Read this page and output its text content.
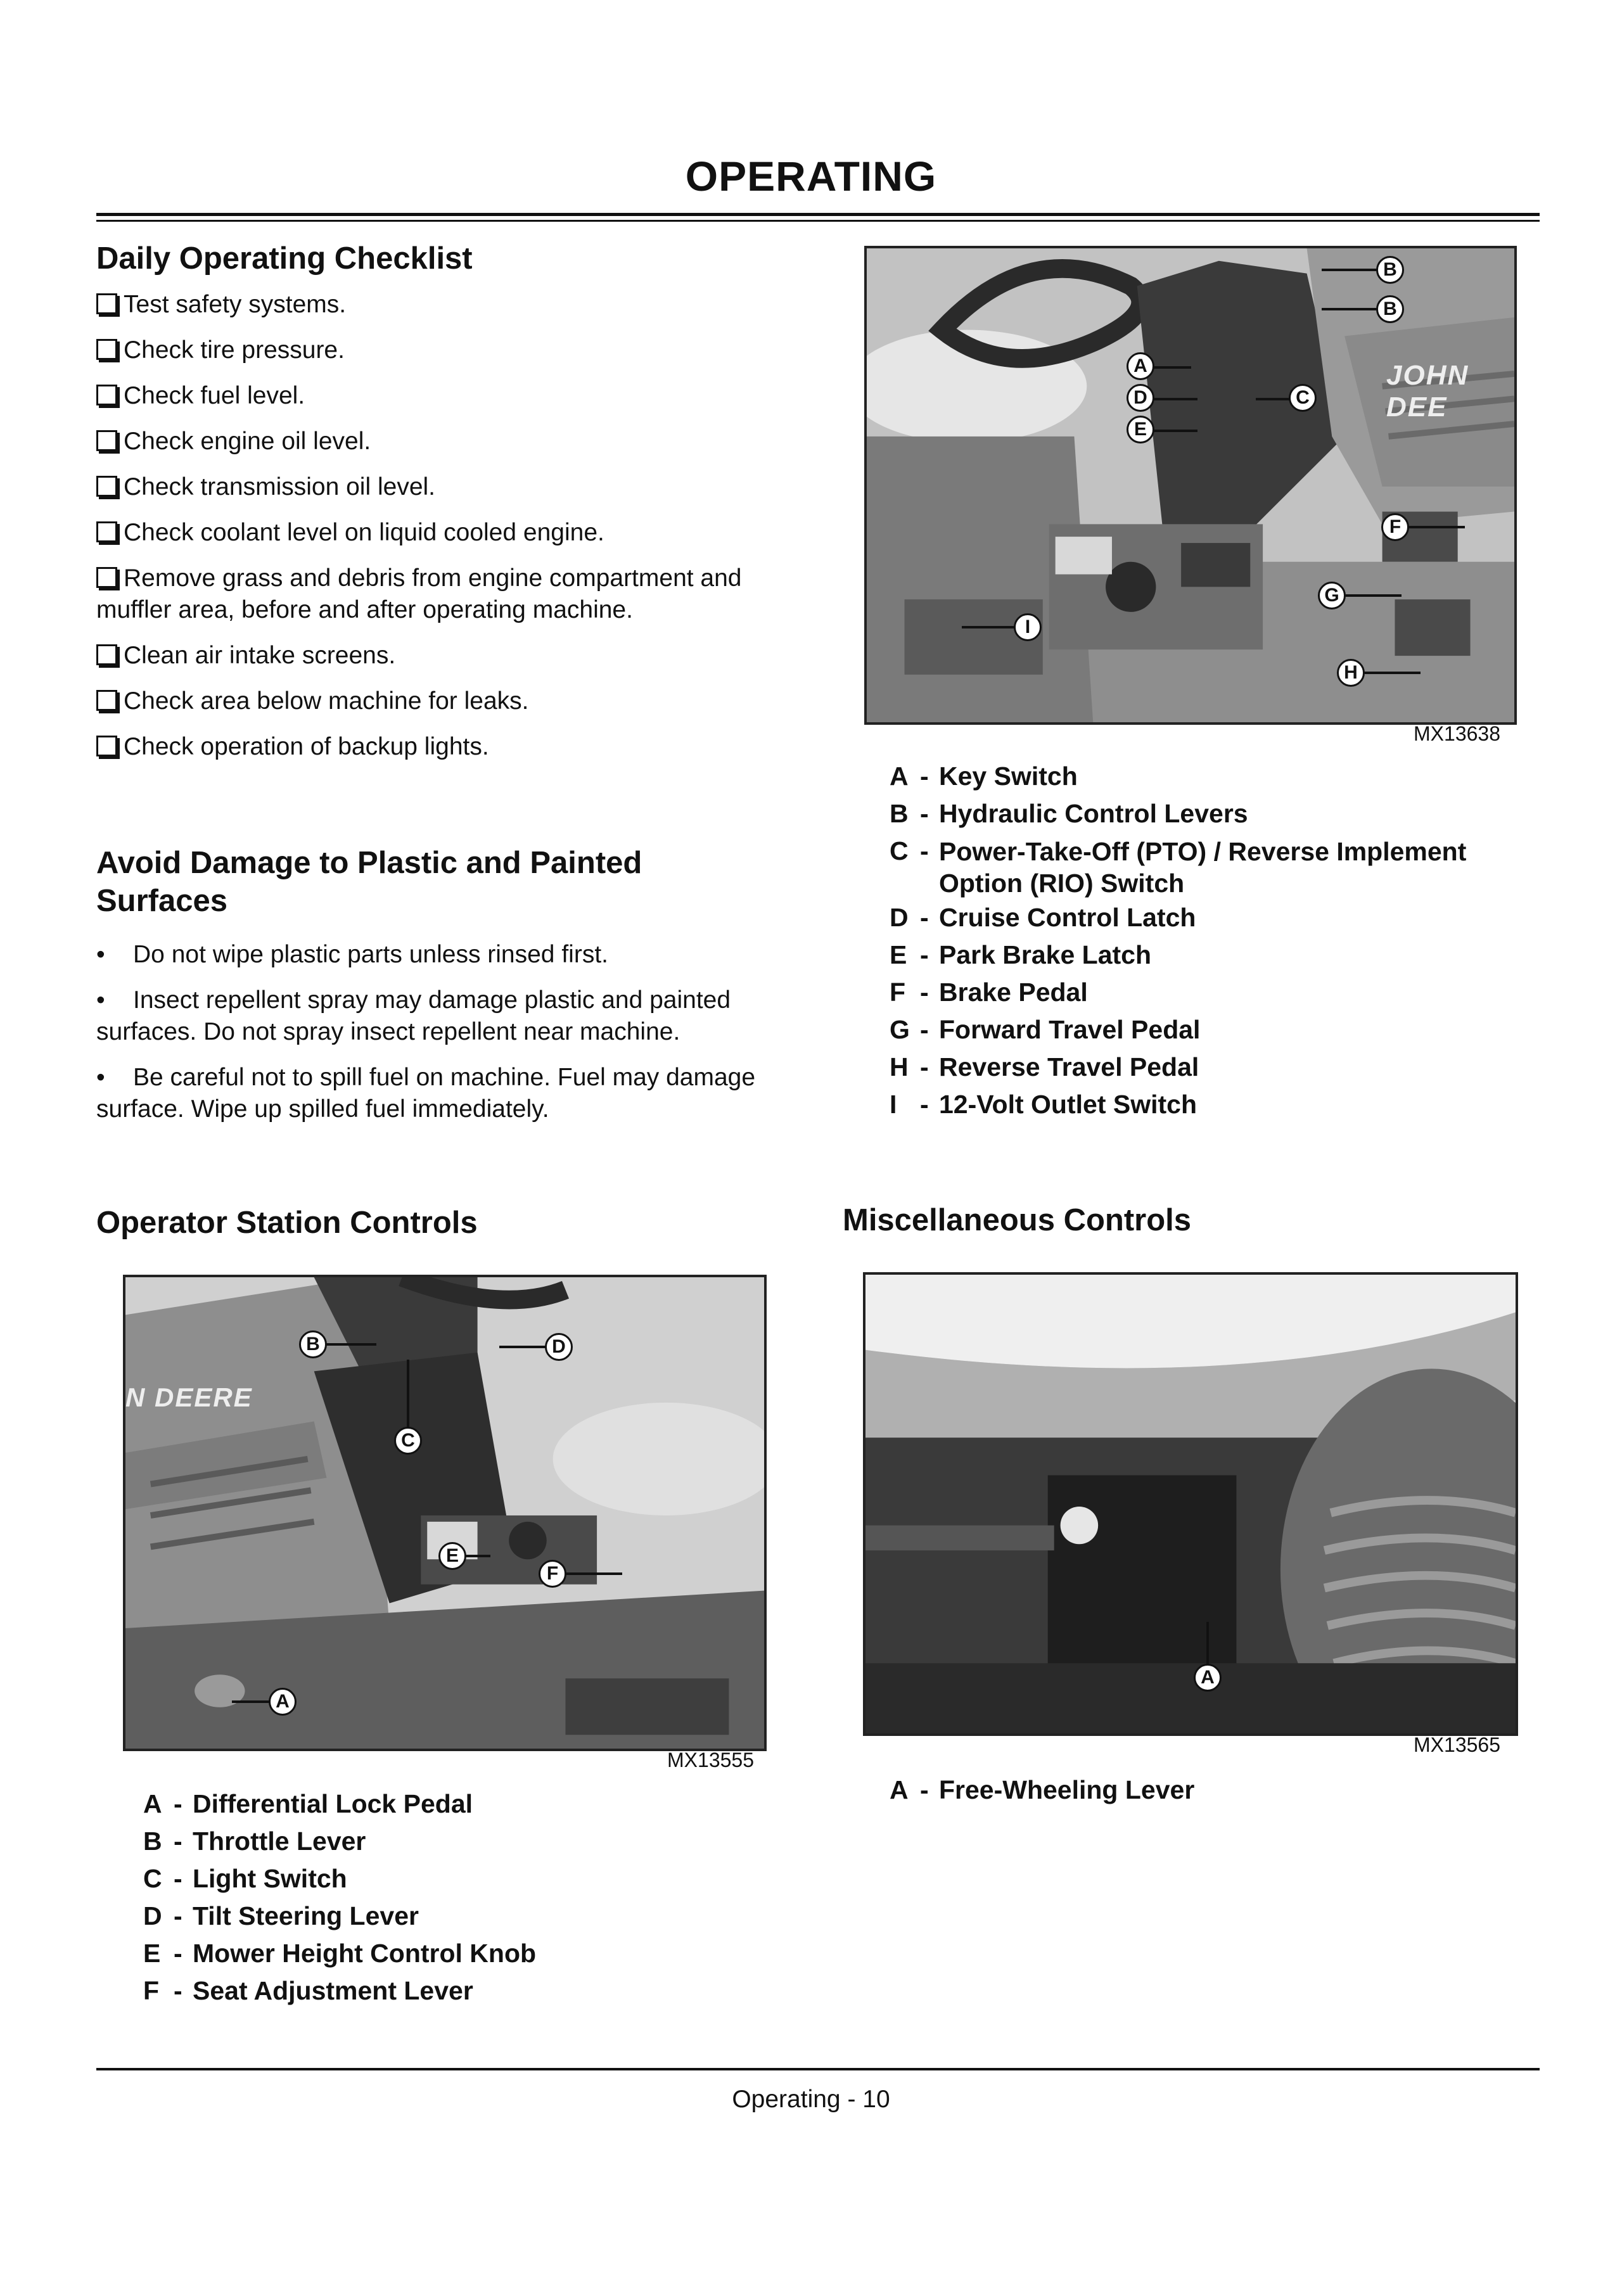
OPERATING
Daily Operating Checklist
Test safety systems.
Check tire pressure.
Check fuel level.
Check engine oil level.
Check transmission oil level.
Check coolant level on liquid cooled engine.
Remove grass and debris from engine compartment and muffler area, before and after operating machine.
Clean air intake screens.
Check area below machine for leaks.
Check operation of backup lights.
Avoid Damage to Plastic and Painted Surfaces
• Do not wipe plastic parts unless rinsed first.
• Insect repellent spray may damage plastic and painted surfaces. Do not spray insect repellent near machine.
• Be careful not to spill fuel on machine. Fuel may damage surface. Wipe up spilled fuel immediately.
JOHN DEE
B
B
A
D	C
E
F
G
I
H
MX13638
A - Key Switch
B - Hydraulic Control Levers
C - Power-Take-Off (PTO) / Reverse Implement Option (RIO) Switch
D - Cruise Control Latch
E - Park Brake Latch
F - Brake Pedal
G - Forward Travel Pedal
H - Reverse Travel Pedal
I - 12-Volt Outlet Switch
Operator Station Controls
N DEERE
B	D
C
E
F
A
MX13555
A - Differential Lock Pedal
B - Throttle Lever
C - Light Switch
D - Tilt Steering Lever
E - Mower Height Control Knob
F - Seat Adjustment Lever
Miscellaneous Controls
A
MX13565
A - Free-Wheeling Lever
Operating - 10
